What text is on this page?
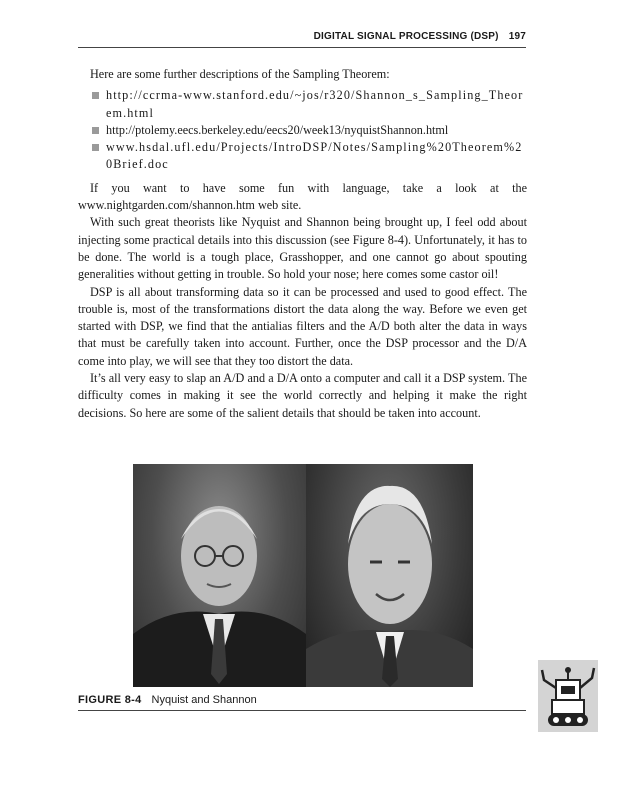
DIGITAL SIGNAL PROCESSING (DSP) 197

Here are some further descriptions of the Sampling Theorem:

http://ccrma-www.stanford.edu/~jos/r320/Shannon_s_Sampling_Theorem.html
http://ptolemy.eecs.berkeley.edu/eecs20/week13/nyquistShannon.html
www.hsdal.ufl.edu/Projects/IntroDSP/Notes/Sampling%20Theorem%20Brief.doc

If you want to have some fun with language, take a look at the www.nightgarden.com/shannon.htm web site.

With such great theorists like Nyquist and Shannon being brought up, I feel odd about injecting some practical details into this discussion (see Figure 8-4). Unfortunately, it has to be done. The world is a tough place, Grasshopper, and one cannot go about spouting generalities without getting in trouble. So hold your nose; here comes some castor oil!

DSP is all about transforming data so it can be processed and used to good effect. The trouble is, most of the transformations distort the data along the way. Before we even get started with DSP, we find that the antialias filters and the A/D both alter the data in ways that must be carefully taken into account. Further, once the DSP processor and the D/A come into play, we will see that they too distort the data.

It’s all very easy to slap an A/D and a D/A onto a computer and call it a DSP system. The difficulty comes in making it see the world correctly and helping it make the right decisions. So here are some of the salient details that should be taken into account.

FIGURE 8-4 Nyquist and Shannon
